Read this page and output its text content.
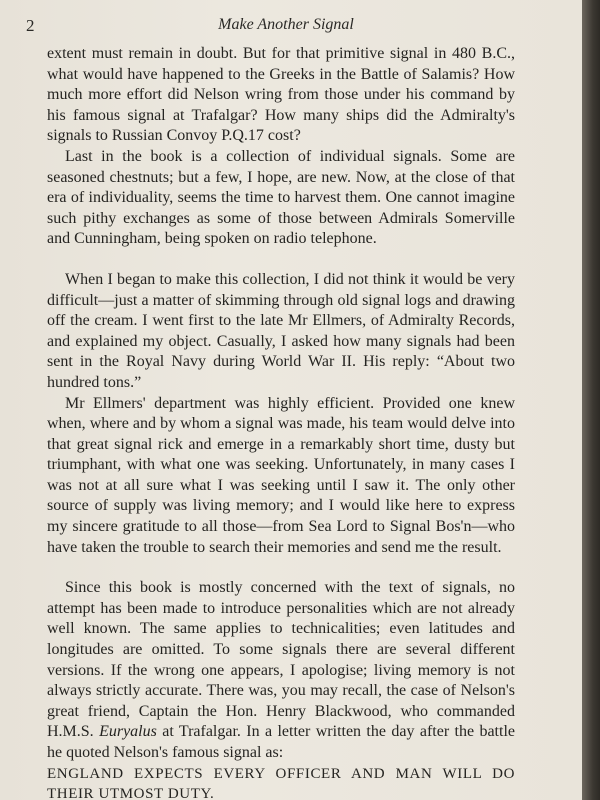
2	Make Another Signal

extent must remain in doubt. But for that primitive signal in 480 B.C., what would have happened to the Greeks in the Battle of Salamis? How much more effort did Nelson wring from those under his command by his famous signal at Trafalgar? How many ships did the Admiralty's signals to Russian Convoy P.Q.17 cost?

Last in the book is a collection of individual signals. Some are seasoned chestnuts; but a few, I hope, are new. Now, at the close of that era of individuality, seems the time to harvest them. One cannot imagine such pithy exchanges as some of those between Admirals Somerville and Cunningham, being spoken on radio telephone.

When I began to make this collection, I did not think it would be very difficult—just a matter of skimming through old signal logs and drawing off the cream. I went first to the late Mr Ellmers, of Admiralty Records, and explained my object. Casually, I asked how many signals had been sent in the Royal Navy during World War II. His reply: “About two hundred tons.”

Mr Ellmers' department was highly efficient. Provided one knew when, where and by whom a signal was made, his team would delve into that great signal rick and emerge in a remarkably short time, dusty but triumphant, with what one was seeking. Unfortunately, in many cases I was not at all sure what I was seeking until I saw it. The only other source of supply was living memory; and I would like here to express my sincere gratitude to all those—from Sea Lord to Signal Bos'n—who have taken the trouble to search their memories and send me the result.

Since this book is mostly concerned with the text of signals, no attempt has been made to introduce personalities which are not already well known. The same applies to technicalities; even latitudes and longitudes are omitted. To some signals there are several different versions. If the wrong one appears, I apologise; living memory is not always strictly accurate. There was, you may recall, the case of Nelson's great friend, Captain the Hon. Henry Blackwood, who commanded H.M.S. Euryalus at Trafalgar. In a letter written the day after the battle he quoted Nelson's famous signal as:

ENGLAND EXPECTS EVERY OFFICER AND MAN WILL DO THEIR UTMOST DUTY.
